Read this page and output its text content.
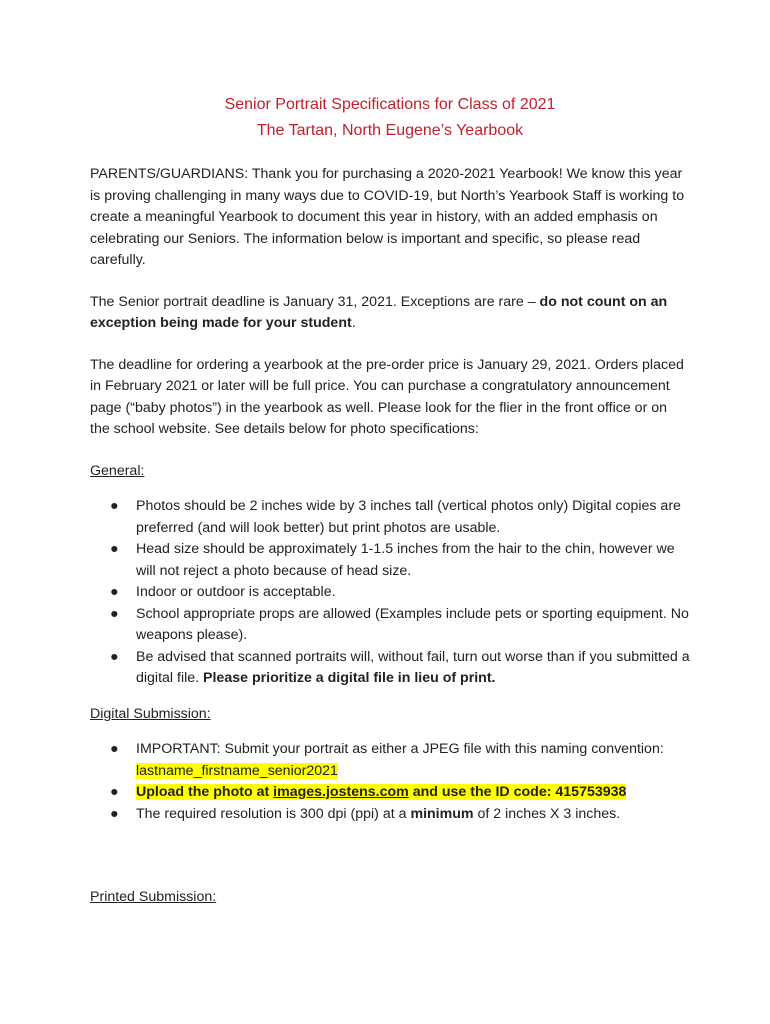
Senior Portrait Specifications for Class of 2021
The Tartan, North Eugene’s Yearbook

PARENTS/GUARDIANS: Thank you for purchasing a 2020-2021 Yearbook! We know this year is proving challenging in many ways due to COVID-19, but North’s Yearbook Staff is working to create a meaningful Yearbook to document this year in history, with an added emphasis on celebrating our Seniors. The information below is important and specific, so please read carefully.

The Senior portrait deadline is January 31, 2021. Exceptions are rare – do not count on an exception being made for your student.

The deadline for ordering a yearbook at the pre-order price is January 29, 2021. Orders placed in February 2021 or later will be full price. You can purchase a congratulatory announcement page (“baby photos”) in the yearbook as well. Please look for the flier in the front office or on the school website. See details below for photo specifications:

General:
● Photos should be 2 inches wide by 3 inches tall (vertical photos only) Digital copies are preferred (and will look better) but print photos are usable.
● Head size should be approximately 1-1.5 inches from the hair to the chin, however we will not reject a photo because of head size.
● Indoor or outdoor is acceptable.
● School appropriate props are allowed (Examples include pets or sporting equipment. No weapons please).
● Be advised that scanned portraits will, without fail, turn out worse than if you submitted a digital file. Please prioritize a digital file in lieu of print.
Digital Submission:
● IMPORTANT: Submit your portrait as either a JPEG file with this naming convention: lastname_firstname_senior2021
● Upload the photo at images.jostens.com and use the ID code: 415753938
● The required resolution is 300 dpi (ppi) at a minimum of 2 inches X 3 inches.
Printed Submission:
